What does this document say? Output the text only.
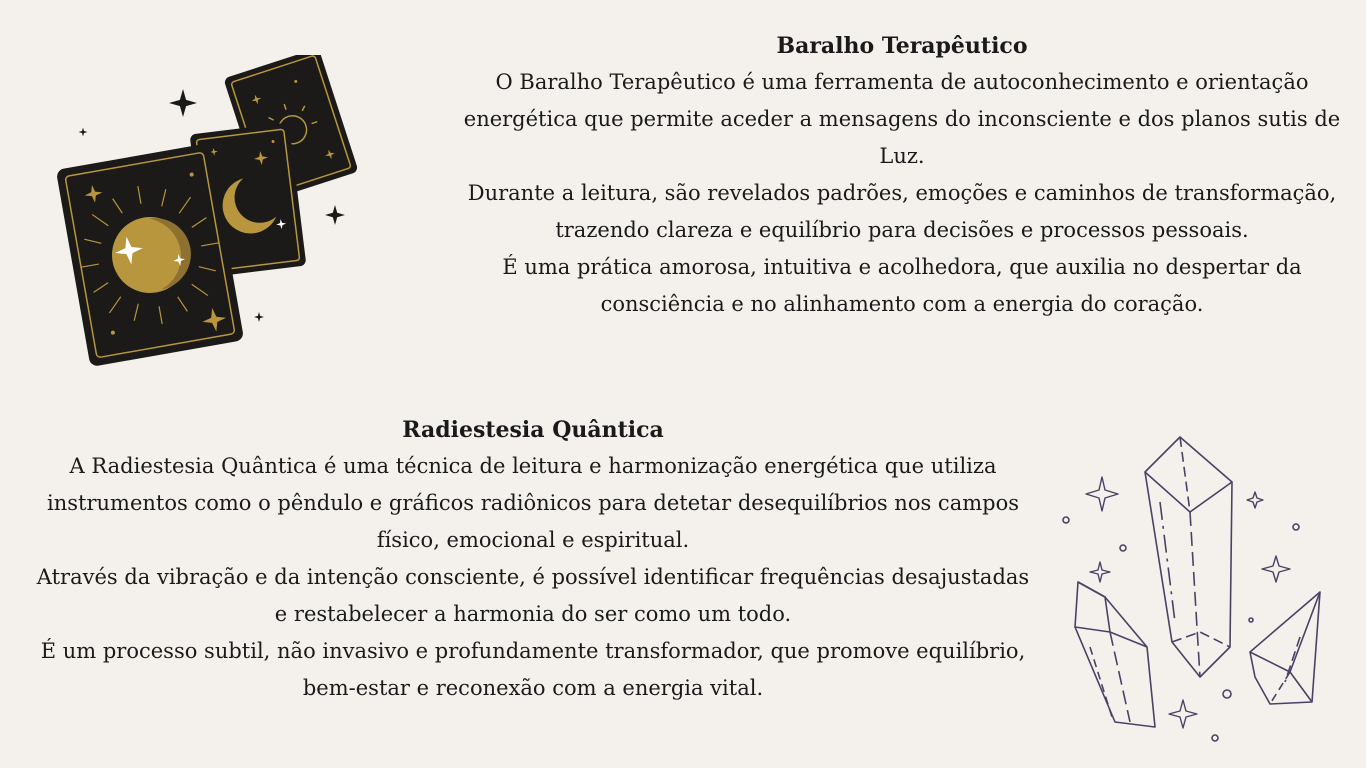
Baralho Terapêutico

O Baralho Terapêutico é uma ferramenta de autoconhecimento e orientação energética que permite aceder a mensagens do inconsciente e dos planos sutis de Luz.

Durante a leitura, são revelados padrões, emoções e caminhos de transformação, trazendo clareza e equilíbrio para decisões e processos pessoais.

É uma prática amorosa, intuitiva e acolhedora, que auxilia no despertar da consciência e no alinhamento com a energia do coração.

Radiestesia Quântica

A Radiestesia Quântica é uma técnica de leitura e harmonização energética que utiliza instrumentos como o pêndulo e gráficos radiônicos para detetar desequilíbrios nos campos físico, emocional e espiritual.

Através da vibração e da intenção consciente, é possível identificar frequências desajustadas e restabelecer a harmonia do ser como um todo.

É um processo subtil, não invasivo e profundamente transformador, que promove equilíbrio, bem-estar e reconexão com a energia vital.
